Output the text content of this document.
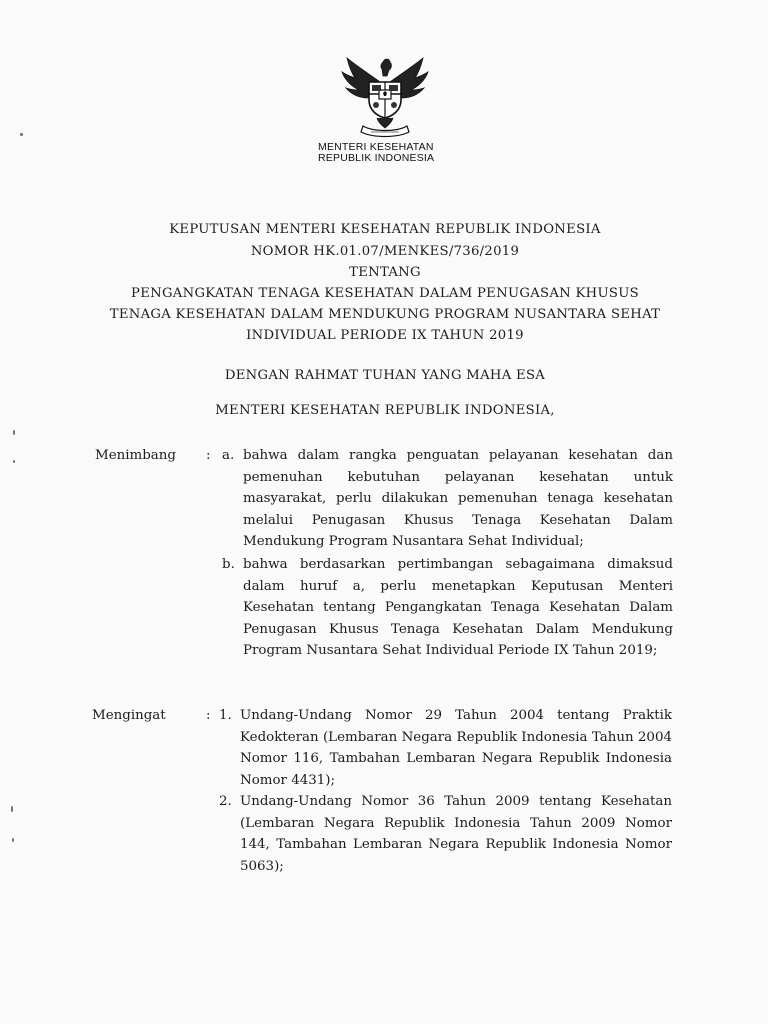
MENTERI KESEHATAN
REPUBLIK INDONESIA
KEPUTUSAN MENTERI KESEHATAN REPUBLIK INDONESIA
NOMOR HK.01.07/MENKES/736/2019
TENTANG
PENGANGKATAN TENAGA KESEHATAN DALAM PENUGASAN KHUSUS
TENAGA KESEHATAN DALAM MENDUKUNG PROGRAM NUSANTARA SEHAT
INDIVIDUAL PERIODE IX TAHUN 2019
DENGAN RAHMAT TUHAN YANG MAHA ESA
MENTERI KESEHATAN REPUBLIK INDONESIA,
Menimbang : a. bahwa dalam rangka penguatan pelayanan kesehatan dan pemenuhan kebutuhan pelayanan kesehatan untuk masyarakat, perlu dilakukan pemenuhan tenaga kesehatan melalui Penugasan Khusus Tenaga Kesehatan Dalam Mendukung Program Nusantara Sehat Individual;
b. bahwa berdasarkan pertimbangan sebagaimana dimaksud dalam huruf a, perlu menetapkan Keputusan Menteri Kesehatan tentang Pengangkatan Tenaga Kesehatan Dalam Penugasan Khusus Tenaga Kesehatan Dalam Mendukung Program Nusantara Sehat Individual Periode IX Tahun 2019;
Mengingat	: 1. Undang-Undang Nomor 29 Tahun 2004 tentang Praktik Kedokteran (Lembaran Negara Republik Indonesia Tahun 2004 Nomor 116, Tambahan Lembaran Negara Republik Indonesia Nomor 4431);
2. Undang-Undang Nomor 36 Tahun 2009 tentang Kesehatan (Lembaran Negara Republik Indonesia Tahun 2009 Nomor 144, Tambahan Lembaran Negara Republik Indonesia Nomor 5063);
